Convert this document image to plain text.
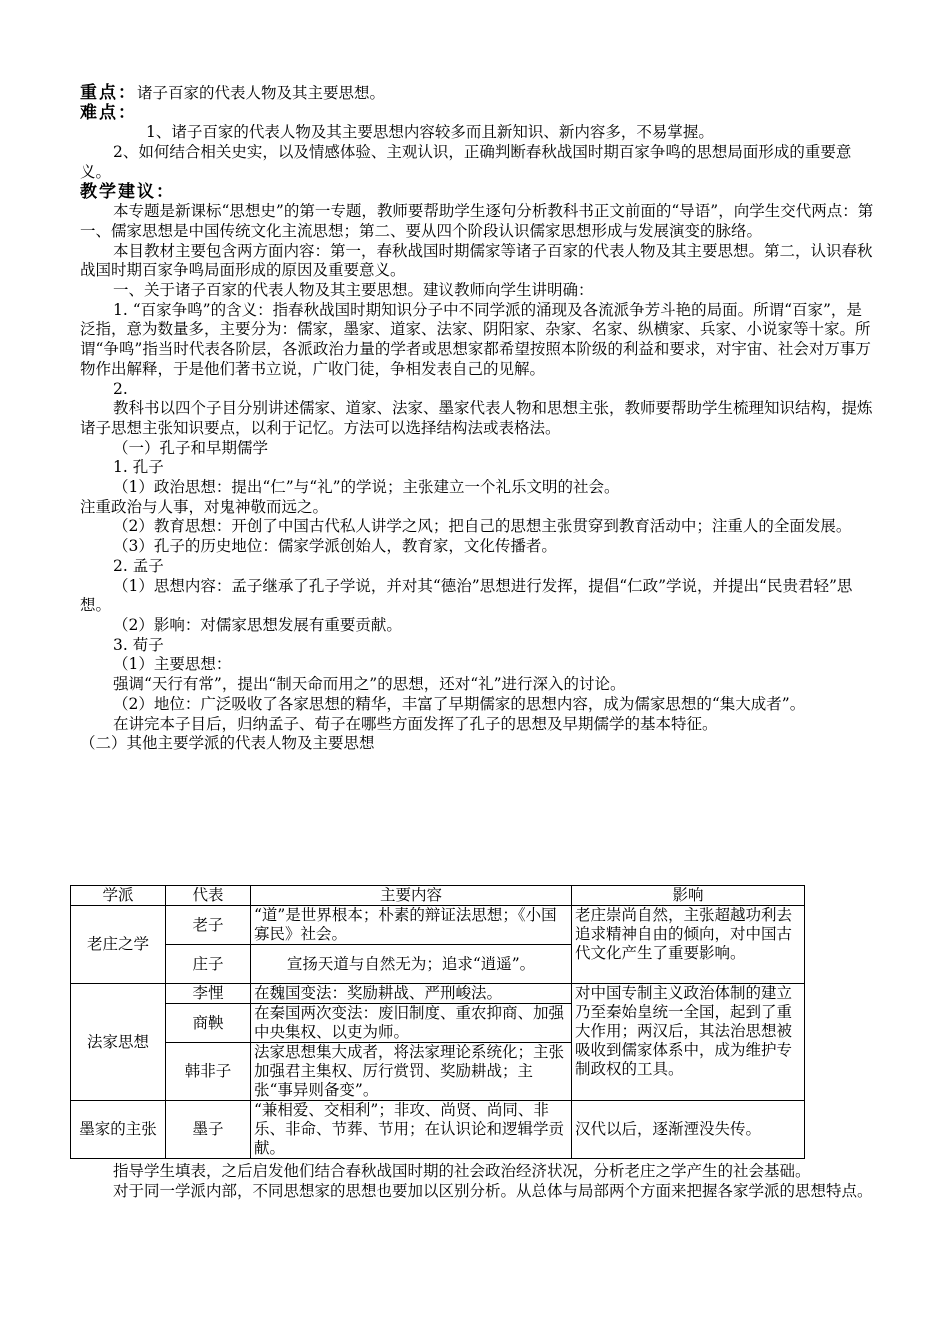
重点：诸子百家的代表人物及其主要思想。

难点：

1、诸子百家的代表人物及其主要思想内容较多而且新知识、新内容多，不易掌握。

2、如何结合相关史实，以及情感体验、主观认识，正确判断春秋战国时期百家争鸣的思想局面形成的重要意义。

教学建议：

本专题是新课标“思想史”的第一专题，教师要帮助学生逐句分析教科书正文前面的“导语”，向学生交代两点：第一、儒家思想是中国传统文化主流思想；第二、要从四个阶段认识儒家思想形成与发展演变的脉络。

本目教材主要包含两方面内容：第一，春秋战国时期儒家等诸子百家的代表人物及其主要思想。第二，认识春秋战国时期百家争鸣局面形成的原因及重要意义。

一、关于诸子百家的代表人物及其主要思想。建议教师向学生讲明确：

1. “百家争鸣”的含义：指春秋战国时期知识分子中不同学派的涌现及各流派争芳斗艳的局面。所谓“百家”，是泛指，意为数量多，主要分为：儒家，墨家、道家、法家、阴阳家、杂家、名家、纵横家、兵家、小说家等十家。所谓“争鸣”指当时代表各阶层，各派政治力量的学者或思想家都希望按照本阶级的利益和要求，对宇宙、社会对万事万物作出解释，于是他们著书立说，广收门徒，争相发表自己的见解。

2.

教科书以四个子目分别讲述儒家、道家、法家、墨家代表人物和思想主张，教师要帮助学生梳理知识结构，提炼诸子思想主张知识要点，以利于记忆。方法可以选择结构法或表格法。

（一）孔子和早期儒学

1. 孔子

（1）政治思想：提出“仁”与“礼”的学说；主张建立一个礼乐文明的社会。

注重政治与人事，对鬼神敬而远之。

（2）教育思想：开创了中国古代私人讲学之风；把自己的思想主张贯穿到教育活动中；注重人的全面发展。

（3）孔子的历史地位：儒家学派创始人，教育家，文化传播者。

2. 孟子

（1）思想内容：孟子继承了孔子学说，并对其“德治”思想进行发挥，提倡“仁政”学说，并提出“民贵君轻”思想。

（2）影响：对儒家思想发展有重要贡献。

3. 荀子

（1）主要思想：

强调“天行有常”，提出“制天命而用之”的思想，还对“礼”进行深入的讨论。

（2）地位：广泛吸收了各家思想的精华，丰富了早期儒家的思想内容，成为儒家思想的“集大成者”。

在讲完本子目后，归纳孟子、荀子在哪些方面发挥了孔子的思想及早期儒学的基本特征。

（二）其他主要学派的代表人物及主要思想

学派	代表	主要内容	影响
老庄之学	老子	“道”是世界根本；朴素的辩证法思想；《小国寡民》社会。	老庄崇尚自然，主张超越功利去追求精神自由的倾向，对中国古代文化产生了重要影响。
	庄子	宣扬天道与自然无为；追求“逍遥”。	
法家思想	李悝	在魏国变法：奖励耕战、严刑峻法。	对中国专制主义政治体制的建立乃至秦始皇统一全国，起到了重大作用；两汉后，其法治思想被吸收到儒家体系中，成为维护专制政权的工具。
	商鞅	在秦国两次变法：废旧制度、重农抑商、加强中央集权、以吏为师。	
	韩非子	法家思想集大成者，将法家理论系统化；主张加强君主集权、厉行赏罚、奖励耕战；主张“事异则备变”。	
墨家的主张	墨子	“兼相爱、交相利”；非攻、尚贤、尚同、非乐、非命、节葬、节用；在认识论和逻辑学贡献。	汉代以后，逐渐湮没失传。

指导学生填表，之后启发他们结合春秋战国时期的社会政治经济状况，分析老庄之学产生的社会基础。

对于同一学派内部，不同思想家的思想也要加以区别分析。从总体与局部两个方面来把握各家学派的思想特点。
